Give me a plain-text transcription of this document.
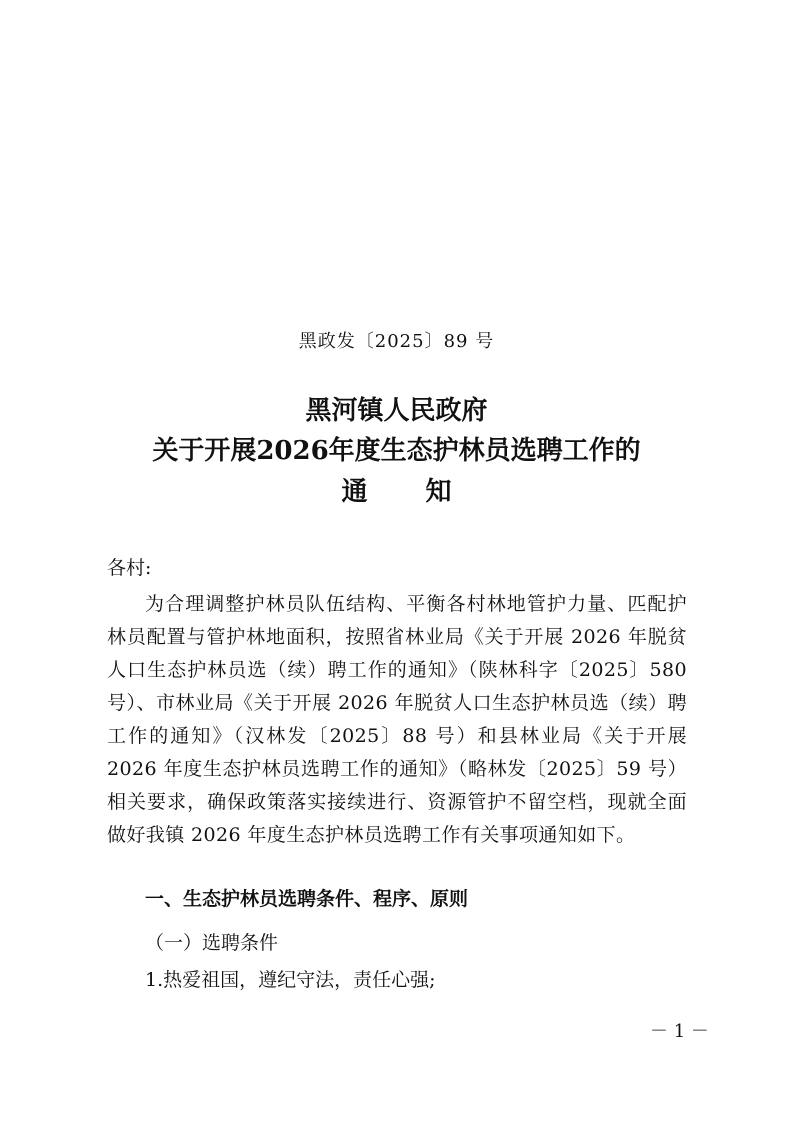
黑政发〔2025〕89 号
黑河镇人民政府
关于开展2026年度生态护林员选聘工作的
通 知
各村:
为合理调整护林员队伍结构、平衡各村林地管护力量、匹配护林员配置与管护林地面积，按照省林业局《关于开展 2026 年脱贫人口生态护林员选（续）聘工作的通知》（陕林科字〔2025〕580 号）、市林业局《关于开展 2026 年脱贫人口生态护林员选（续）聘工作的通知》（汉林发〔2025〕88 号）和县林业局《关于开展 2026 年度生态护林员选聘工作的通知》（略林发〔2025〕59 号）相关要求，确保政策落实接续进行、资源管护不留空档，现就全面做好我镇 2026 年度生态护林员选聘工作有关事项通知如下。
一、生态护林员选聘条件、程序、原则
（一）选聘条件
1.热爱祖国，遵纪守法，责任心强;
－ 1 －
